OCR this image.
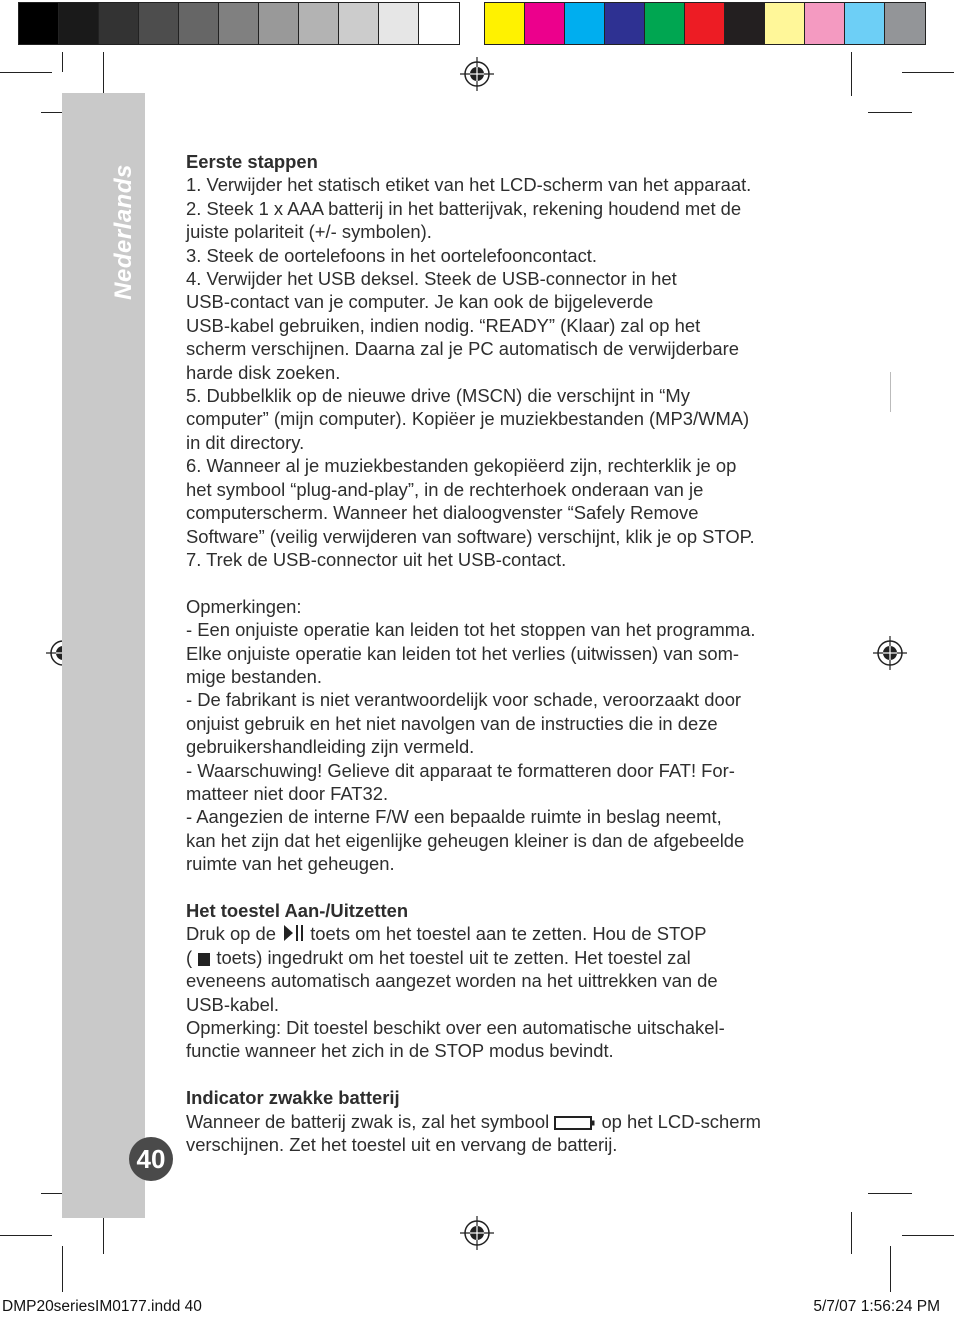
Nederlands
40

Eerste stappen

1. Verwijder het statisch etiket van het LCD-scherm van het apparaat.

2. Steek 1 x AAA batterij in het batterijvak, rekening houdend met de

juiste polariteit (+/- symbolen).

3. Steek de oortelefoons in het oortelefooncontact.

4. Verwijder het USB deksel. Steek de USB-connector in het

USB-contact van je computer. Je kan ook de bijgeleverde

USB-kabel gebruiken, indien nodig. “READY” (Klaar) zal op het

scherm verschijnen. Daarna zal je PC automatisch de verwijderbare

harde disk zoeken.

5. Dubbelklik op de nieuwe drive (MSCN) die verschijnt in “My

computer” (mijn computer). Kopiëer je muziekbestanden (MP3/WMA)

in dit directory.

6. Wanneer al je muziekbestanden gekopiëerd zijn, rechterklik je op

het symbool “plug-and-play”, in de rechterhoek onderaan van je

computerscherm. Wanneer het dialoogvenster “Safely Remove

Software” (veilig verwijderen van software) verschijnt, klik je op STOP.

7. Trek de USB-connector uit het USB-contact.

Opmerkingen:

- Een onjuiste operatie kan leiden tot het stoppen van het programma.

Elke onjuiste operatie kan leiden tot het verlies (uitwissen) van som-

mige bestanden.

- De fabrikant is niet verantwoordelijk voor schade, veroorzaakt door

onjuist gebruik en het niet navolgen van de instructies die in deze

gebruikershandleiding zijn vermeld.

- Waarschuwing! Gelieve dit apparaat te formatteren door FAT! For-

matteer niet door FAT32.

- Aangezien de interne F/W een bepaalde ruimte in beslag neemt,

kan het zijn dat het eigenlijke geheugen kleiner is dan de afgebeelde

ruimte van het geheugen.

Het toestel Aan-/Uitzetten

Druk op de  toets om het toestel aan te zetten. Hou de STOP

(  toets) ingedrukt om het toestel uit te zetten. Het toestel zal

eveneens automatisch aangezet worden na het uittrekken van de

USB-kabel.

Opmerking: Dit toestel beschikt over een automatische uitschakel-

functie wanneer het zich in de STOP modus bevindt.

Indicator zwakke batterij

Wanneer de batterij zwak is, zal het symbool  op het LCD-scherm

verschijnen. Zet het toestel uit en vervang de batterij.

DMP20seriesIM0177.indd 40	5/7/07 1:56:24 PM
